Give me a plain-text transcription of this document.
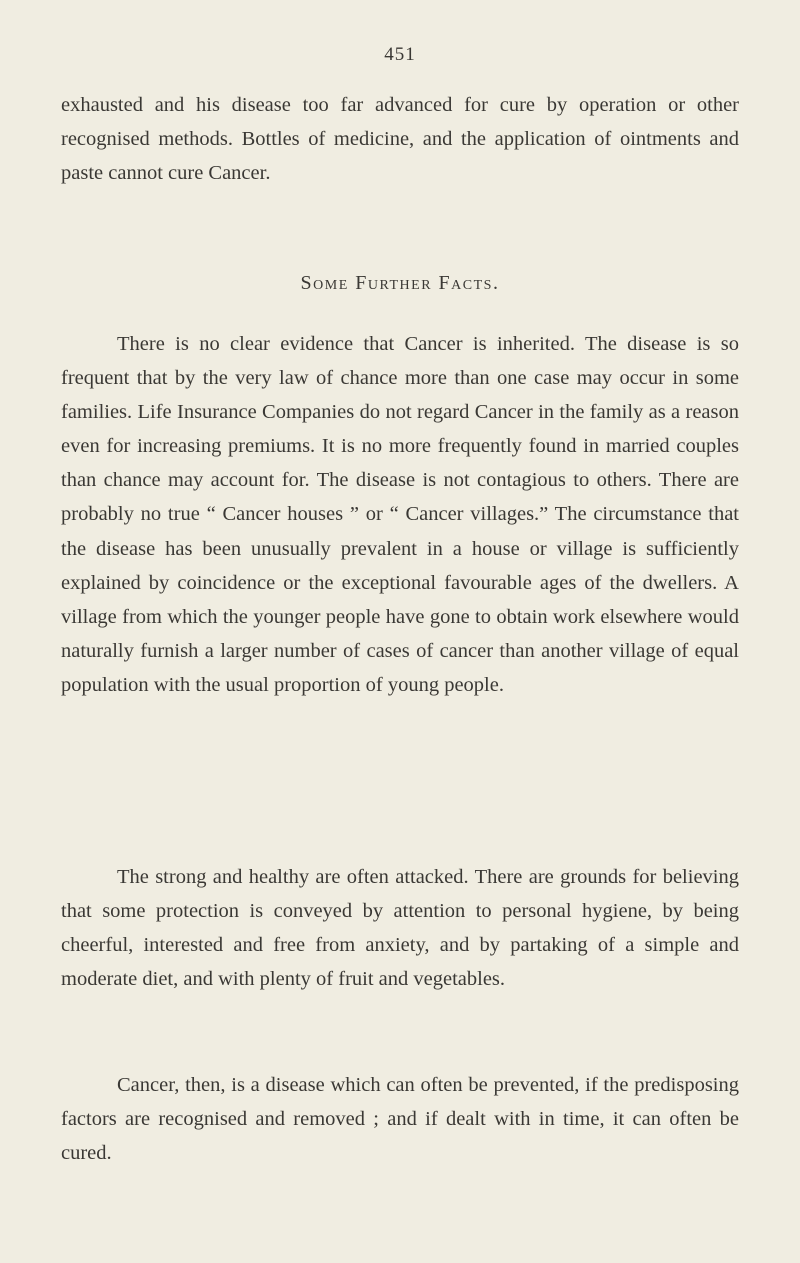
451

exhausted and his disease too far advanced for cure by operation or other recognised methods. Bottles of medicine, and the application of ointments and paste cannot cure Cancer.

Some Further Facts.

There is no clear evidence that Cancer is inherited. The disease is so frequent that by the very law of chance more than one case may occur in some families. Life Insurance Companies do not regard Cancer in the family as a reason even for increasing premiums. It is no more frequently found in married couples than chance may account for. The disease is not contagious to others. There are probably no true “ Cancer houses ” or “ Cancer villages.” The circumstance that the disease has been unusually prevalent in a house or village is sufficiently explained by coincidence or the exceptional favourable ages of the dwellers. A village from which the younger people have gone to obtain work elsewhere would naturally furnish a larger number of cases of cancer than another village of equal population with the usual proportion of young people.

The strong and healthy are often attacked. There are grounds for believing that some protection is conveyed by attention to personal hygiene, by being cheerful, interested and free from anxiety, and by partaking of a simple and moderate diet, and with plenty of fruit and vegetables.

Cancer, then, is a disease which can often be prevented, if the predisposing factors are recognised and removed ; and if dealt with in time, it can often be cured.
